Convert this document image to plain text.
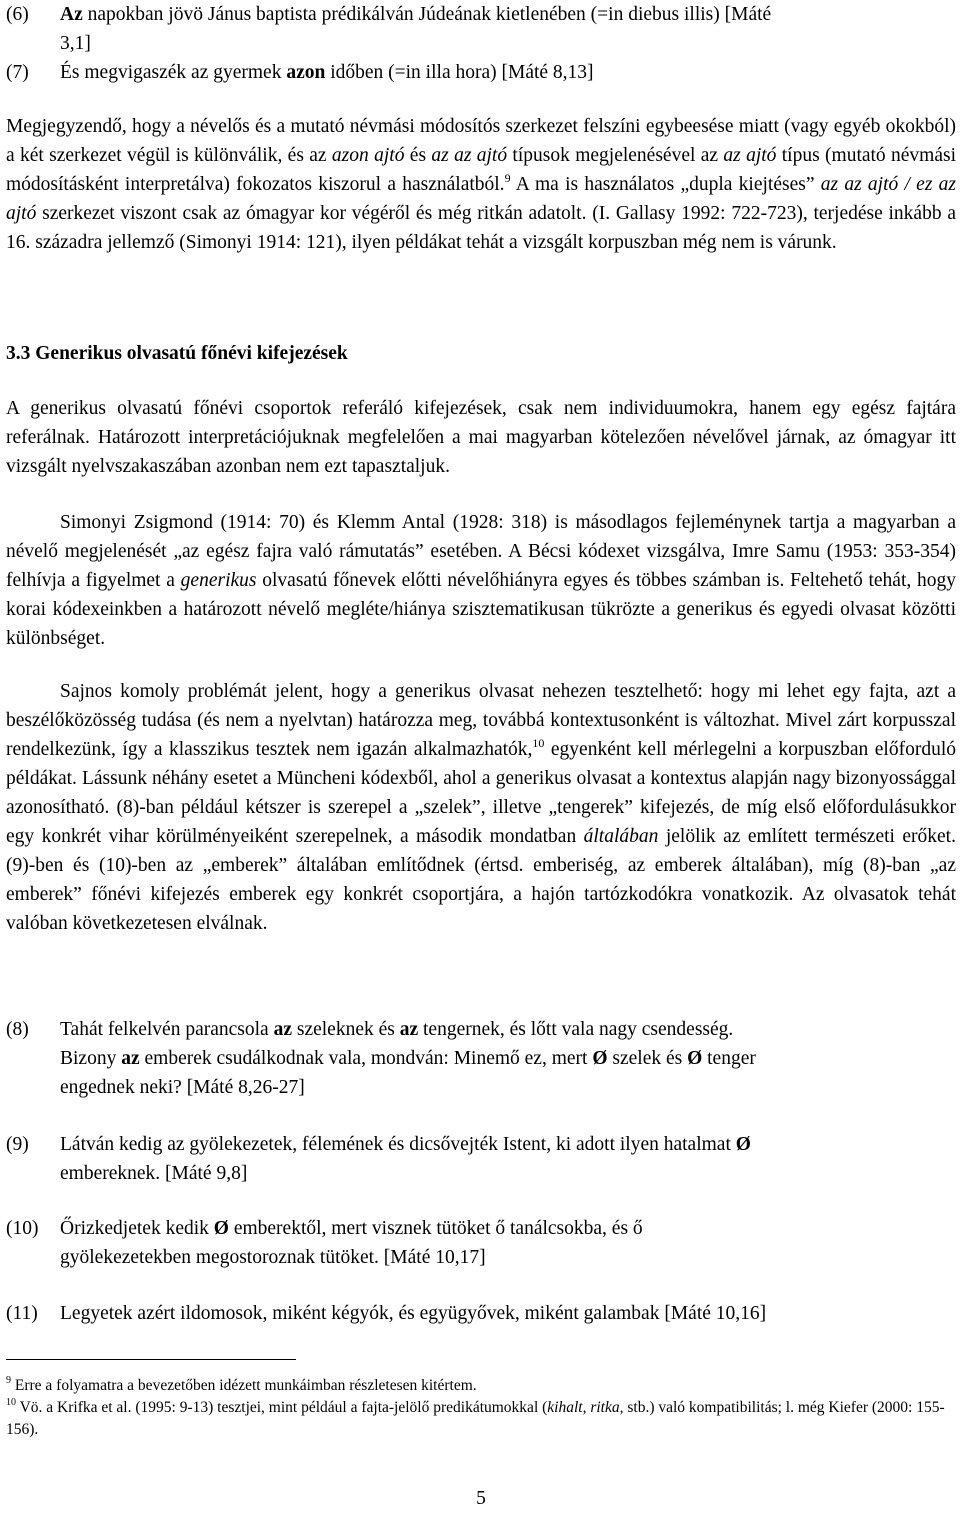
(6) Az napokban jövö Jánus baptista prédikálván Júdeának kietlenében (=in diebus illis) [Máté
3,1]
(7) És megvigaszék az gyermek azon időben (=in illa hora) [Máté 8,13]
Megjegyzendő, hogy a névelős és a mutató névmási módosítós szerkezet felszíni egybeesése miatt (vagy egyéb okokból) a két szerkezet végül is különválik, és az azon ajtó és az az ajtó típusok megjelenésével az az ajtó típus (mutató névmási módosításként interpretálva) fokozatos kiszorul a használatból.$^9$ A ma is használatos „dupla kiejtéses” az az ajtó / ez az ajtó szerkezet viszont csak az ómagyar kor végéről és még ritkán adatolt. (I. Gallasy 1992: 722-723), terjedése inkább a 16. századra jellemző (Simonyi 1914: 121), ilyen példákat tehát a vizsgált korpuszban még nem is várunk.
3.3 Generikus olvasatú főnévi kifejezések
A generikus olvasatú főnévi csoportok referáló kifejezések, csak nem individuumokra, hanem egy egész fajtára referálnak. Határozott interpretációjuknak megfelelően a mai magyarban kötelezően névelővel járnak, az ómagyar itt vizsgált nyelvszakaszában azonban nem ezt tapasztaljuk.
Simonyi Zsigmond (1914: 70) és Klemm Antal (1928: 318) is másodlagos fejleménynek tartja a magyarban a névelő megjelenését „az egész fajra való rámutatás” esetében. A Bécsi kódexet vizsgálva, Imre Samu (1953: 353-354) felhívja a figyelmet a generikus olvasatú főnevek előtti névelőhiányra egyes és többes számban is. Feltehető tehát, hogy korai kódexeinkben a határozott névelő megléte/hiánya szisztematikusan tükrözte a generikus és egyedi olvasat közötti különbséget.
Sajnos komoly problémát jelent, hogy a generikus olvasat nehezen tesztelhető: hogy mi lehet egy fajta, azt a beszélőközösség tudása (és nem a nyelvtan) határozza meg, továbbá kontextusonként is változhat. Mivel zárt korpusszal rendelkezünk, így a klasszikus tesztek nem igazán alkalmazhatók,$^{10}$ egyenként kell mérlegelni a korpuszban előforduló példákat. Lássunk néhány esetet a Müncheni kódexből, ahol a generikus olvasat a kontextus alapján nagy bizonyossággal azonosítható. (8)-ban például kétszer is szerepel a „szelek”, illetve „tengerek” kifejezés, de míg első előfordulásukkor egy konkrét vihar körülményeiként szerepelnek, a második mondatban általában jelölik az említett természeti erőket. (9)-ben és (10)-ben az „emberek” általában említődnek (értsd. emberiség, az emberek általában), míg (8)-ban „az emberek” főnévi kifejezés emberek egy konkrét csoportjára, a hajón tartózkodókra vonatkozik. Az olvasatok tehát valóban következetesen elválnak.
(8) Tahát felkelvén parancsola az szeleknek és az tengernek, és lőtt vala nagy csendesség.
Bizony az emberek csudálkodnak vala, mondván: Minemő ez, mert Ø szelek és Ø tenger
engednek neki? [Máté 8,26-27]
(9) Látván kedig az gyölekezetek, félemének és dicsővejték Istent, ki adott ilyen hatalmat Ø
embereknek. [Máté 9,8]
(10) Őrizkedjetek kedik Ø emberektől, mert visznek tütöket ő tanálcsokba, és ő
gyölekezetekben megostoroznak tütöket. [Máté 10,17]
(11) Legyetek azért ildomosok, miként kégyók, és együgyővek, miként galambak [Máté 10,16]
$^9$ Erre a folyamatra a bevezetőben idézett munkáimban részletesen kitértem.
$^{10}$ Vö. a Krifka et al. (1995: 9-13) tesztjei, mint például a fajta-jelölő predikátumokkal (kihalt, ritka, stb.) való kompatibilitás; l. még Kiefer (2000: 155-156).
5
